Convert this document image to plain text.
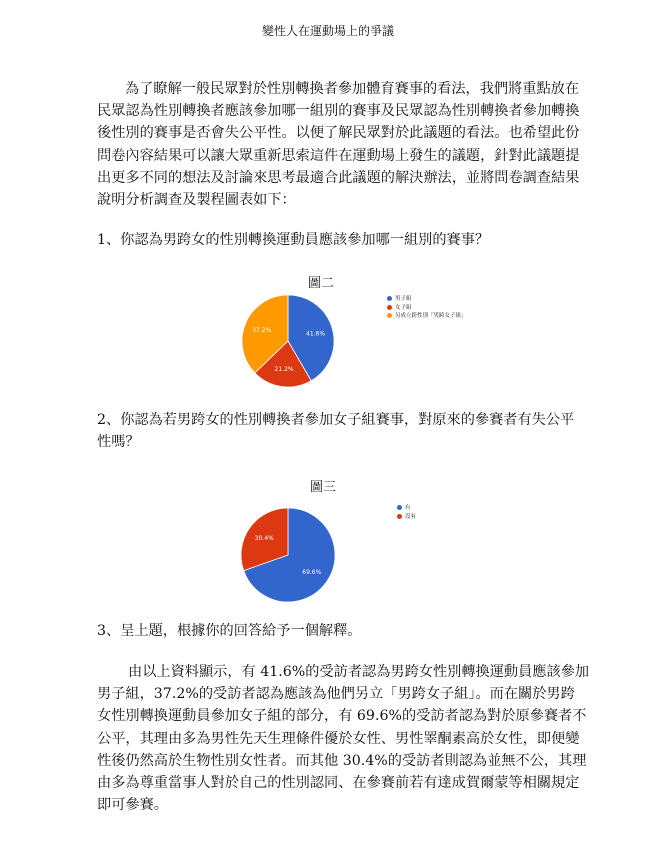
變性人在運動場上的爭議
為了瞭解一般民眾對於性別轉換者參加體育賽事的看法，我們將重點放在
民眾認為性別轉換者應該參加哪一組別的賽事及民眾認為性別轉換者參加轉換
後性別的賽事是否會失公平性。以便了解民眾對於此議題的看法。也希望此份
問卷內容結果可以讓大眾重新思索這件在運動場上發生的議題，針對此議題提
出更多不同的想法及討論來思考最適合此議題的解決辦法，並將問卷調查結果
說明分析調查及製程圖表如下：
1、你認為男跨女的性別轉換運動員應該參加哪一組別的賽事？
圖二
41.6%
21.2%
37.2%
男子組
女子組
另成立跨性別「男跨女子組」
2、你認為若男跨女的性別轉換者參加女子組賽事，對原來的參賽者有失公平
性嗎？
圖三
69.6%
30.4%
有
沒有
3、呈上題，根據你的回答給予一個解釋。
由以上資料顯示，有 41.6%的受訪者認為男跨女性別轉換運動員應該參加
男子組，37.2%的受訪者認為應該為他們另立「男跨女子組」。而在關於男跨
女性別轉換運動員參加女子組的部分，有 69.6%的受訪者認為對於原參賽者不
公平，其理由多為男性先天生理條件優於女性、男性睪酮素高於女性，即便變
性後仍然高於生物性別女性者。而其他 30.4%的受訪者則認為並無不公，其理
由多為尊重當事人對於自己的性別認同、在參賽前若有達成賀爾蒙等相關規定
即可參賽。
